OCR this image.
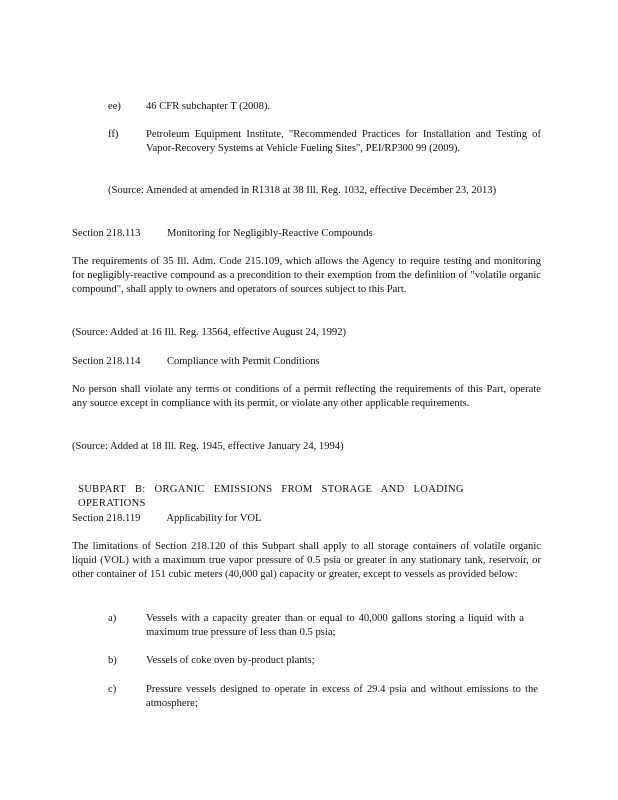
ee) 46 CFR subchapter T (2008).
ff)	Petroleum Equipment Institute, "Recommended Practices for Installation and Testing of Vapor-Recovery Systems at Vehicle Fueling Sites", PEI/RP300 99 (2009).
(Source: Amended at amended in R1318 at 38 Ill. Reg. 1032, effective December 23, 2013)
Section 218.113          Monitoring for Negligibly-Reactive Compounds
The requirements of 35 Ill. Adm. Code 215.109, which allows the Agency to require testing and monitoring for negligibly-reactive compound as a precondition to their exemption from the definition of "volatile organic compound", shall apply to owners and operators of sources subject to this Part.
(Source: Added at 16 Ill. Reg. 13564, effective August 24, 1992)
Section 218.114          Compliance with Permit Conditions
No person shall violate any terms or conditions of a permit reflecting the requirements of this Part, operate any source except in compliance with its permit, or violate any other applicable requirements.
(Source: Added at 18 Ill. Reg. 1945, effective January 24, 1994)
SUBPART B: ORGANIC EMISSIONS FROM STORAGE AND LOADING OPERATIONS
Section 218.119          Applicability for VOL
The limitations of Section 218.120 of this Subpart shall apply to all storage containers of volatile organic liquid (VOL) with a maximum true vapor pressure of 0.5 psia or greater in any stationary tank, reservoir, or other container of 151 cubic meters (40,000 gal) capacity or greater, except to vessels as provided below:
a)	Vessels with a capacity greater than or equal to 40,000 gallons storing a liquid with a maximum true pressure of less than 0.5 psia;
b)	Vessels of coke oven by-product plants;
c)	Pressure vessels designed to operate in excess of 29.4 psia and without emissions to the atmosphere;
